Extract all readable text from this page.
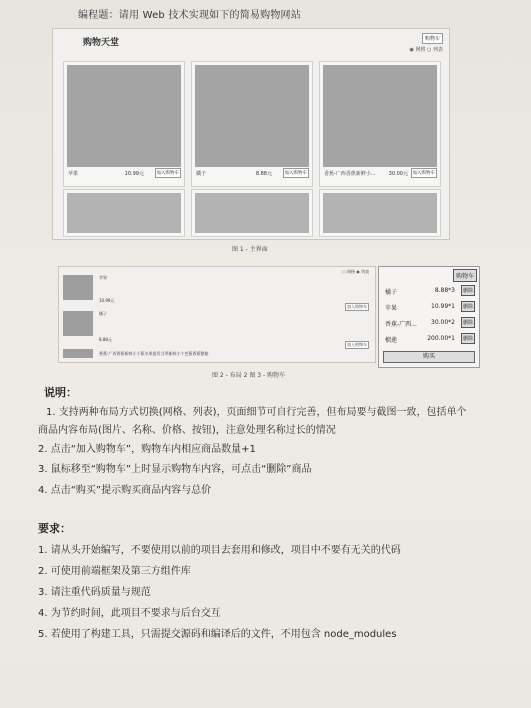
编程题：请用 Web 技术实现如下的简易购物网站
购物天堂	购物车
◉ 网格 ○ 列表
苹果	10.99元	加入购物车	橘子	8.88元	加入购物车	香蕉-广西香蕉新鲜小...	30.00元	加入购物车
图 1 - 主界面
○ 网格 ◉ 列表
苹果
10.99元
加入购物车
橘子
8.88元
加入购物车
香蕉-广西香蕉新鲜小个蕉水果批发当季新鲜小个芭蕉香蕉整箱
购物车
橘子	8.88*3	删除
苹果	10.99*1	删除
香蕉-广西... 30.00*2	删除
榴莲	200.00*1	删除
购买
图 2 - 布局 2 图 3 - 购物车
说明：
1. 支持两种布局方式切换(网格、列表)，页面细节可自行完善，但布局要与截图一致，包括单个
商品内容布局(图片、名称、价格、按钮)，注意处理名称过长的情况
2. 点击“加入购物车”，购物车内相应商品数量+1
3. 鼠标移至“购物车”上时显示购物车内容，可点击“删除”商品
4. 点击“购买”提示购买商品内容与总价
要求：
1. 请从头开始编写，不要使用以前的项目去套用和修改，项目中不要有无关的代码
2. 可使用前端框架及第三方组件库
3. 请注重代码质量与规范
4. 为节约时间，此项目不要求与后台交互
5. 若使用了构建工具，只需提交源码和编译后的文件，不用包含 node_modules
